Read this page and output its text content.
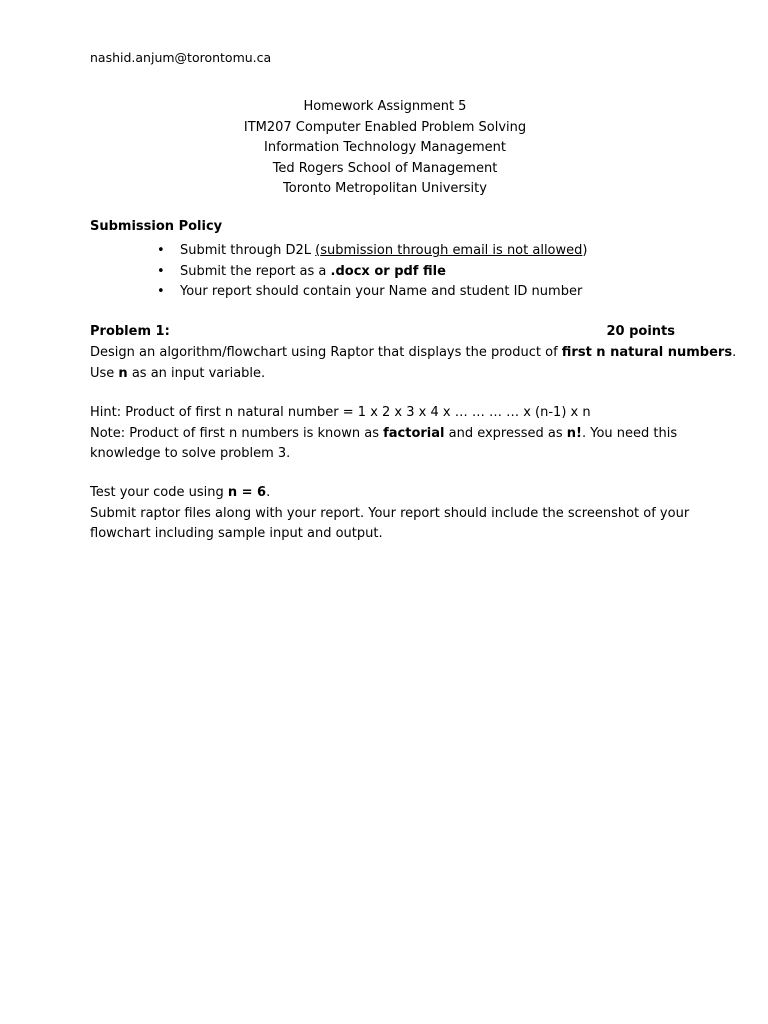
nashid.anjum@torontomu.ca
Homework Assignment 5
ITM207 Computer Enabled Problem Solving
Information Technology Management
Ted Rogers School of Management
Toronto Metropolitan University
Submission Policy
• Submit through D2L (submission through email is not allowed)
• Submit the report as a .docx or pdf file
• Your report should contain your Name and student ID number
Problem 1:	20 points
Design an algorithm/flowchart using Raptor that displays the product of first n natural numbers.
Use n as an input variable.
Hint: Product of first n natural number = 1 x 2 x 3 x 4 x … … … … x (n-1) x n
Note: Product of first n numbers is known as factorial and expressed as n!. You need this
knowledge to solve problem 3.
Test your code using n = 6.
Submit raptor files along with your report. Your report should include the screenshot of your
flowchart including sample input and output.
